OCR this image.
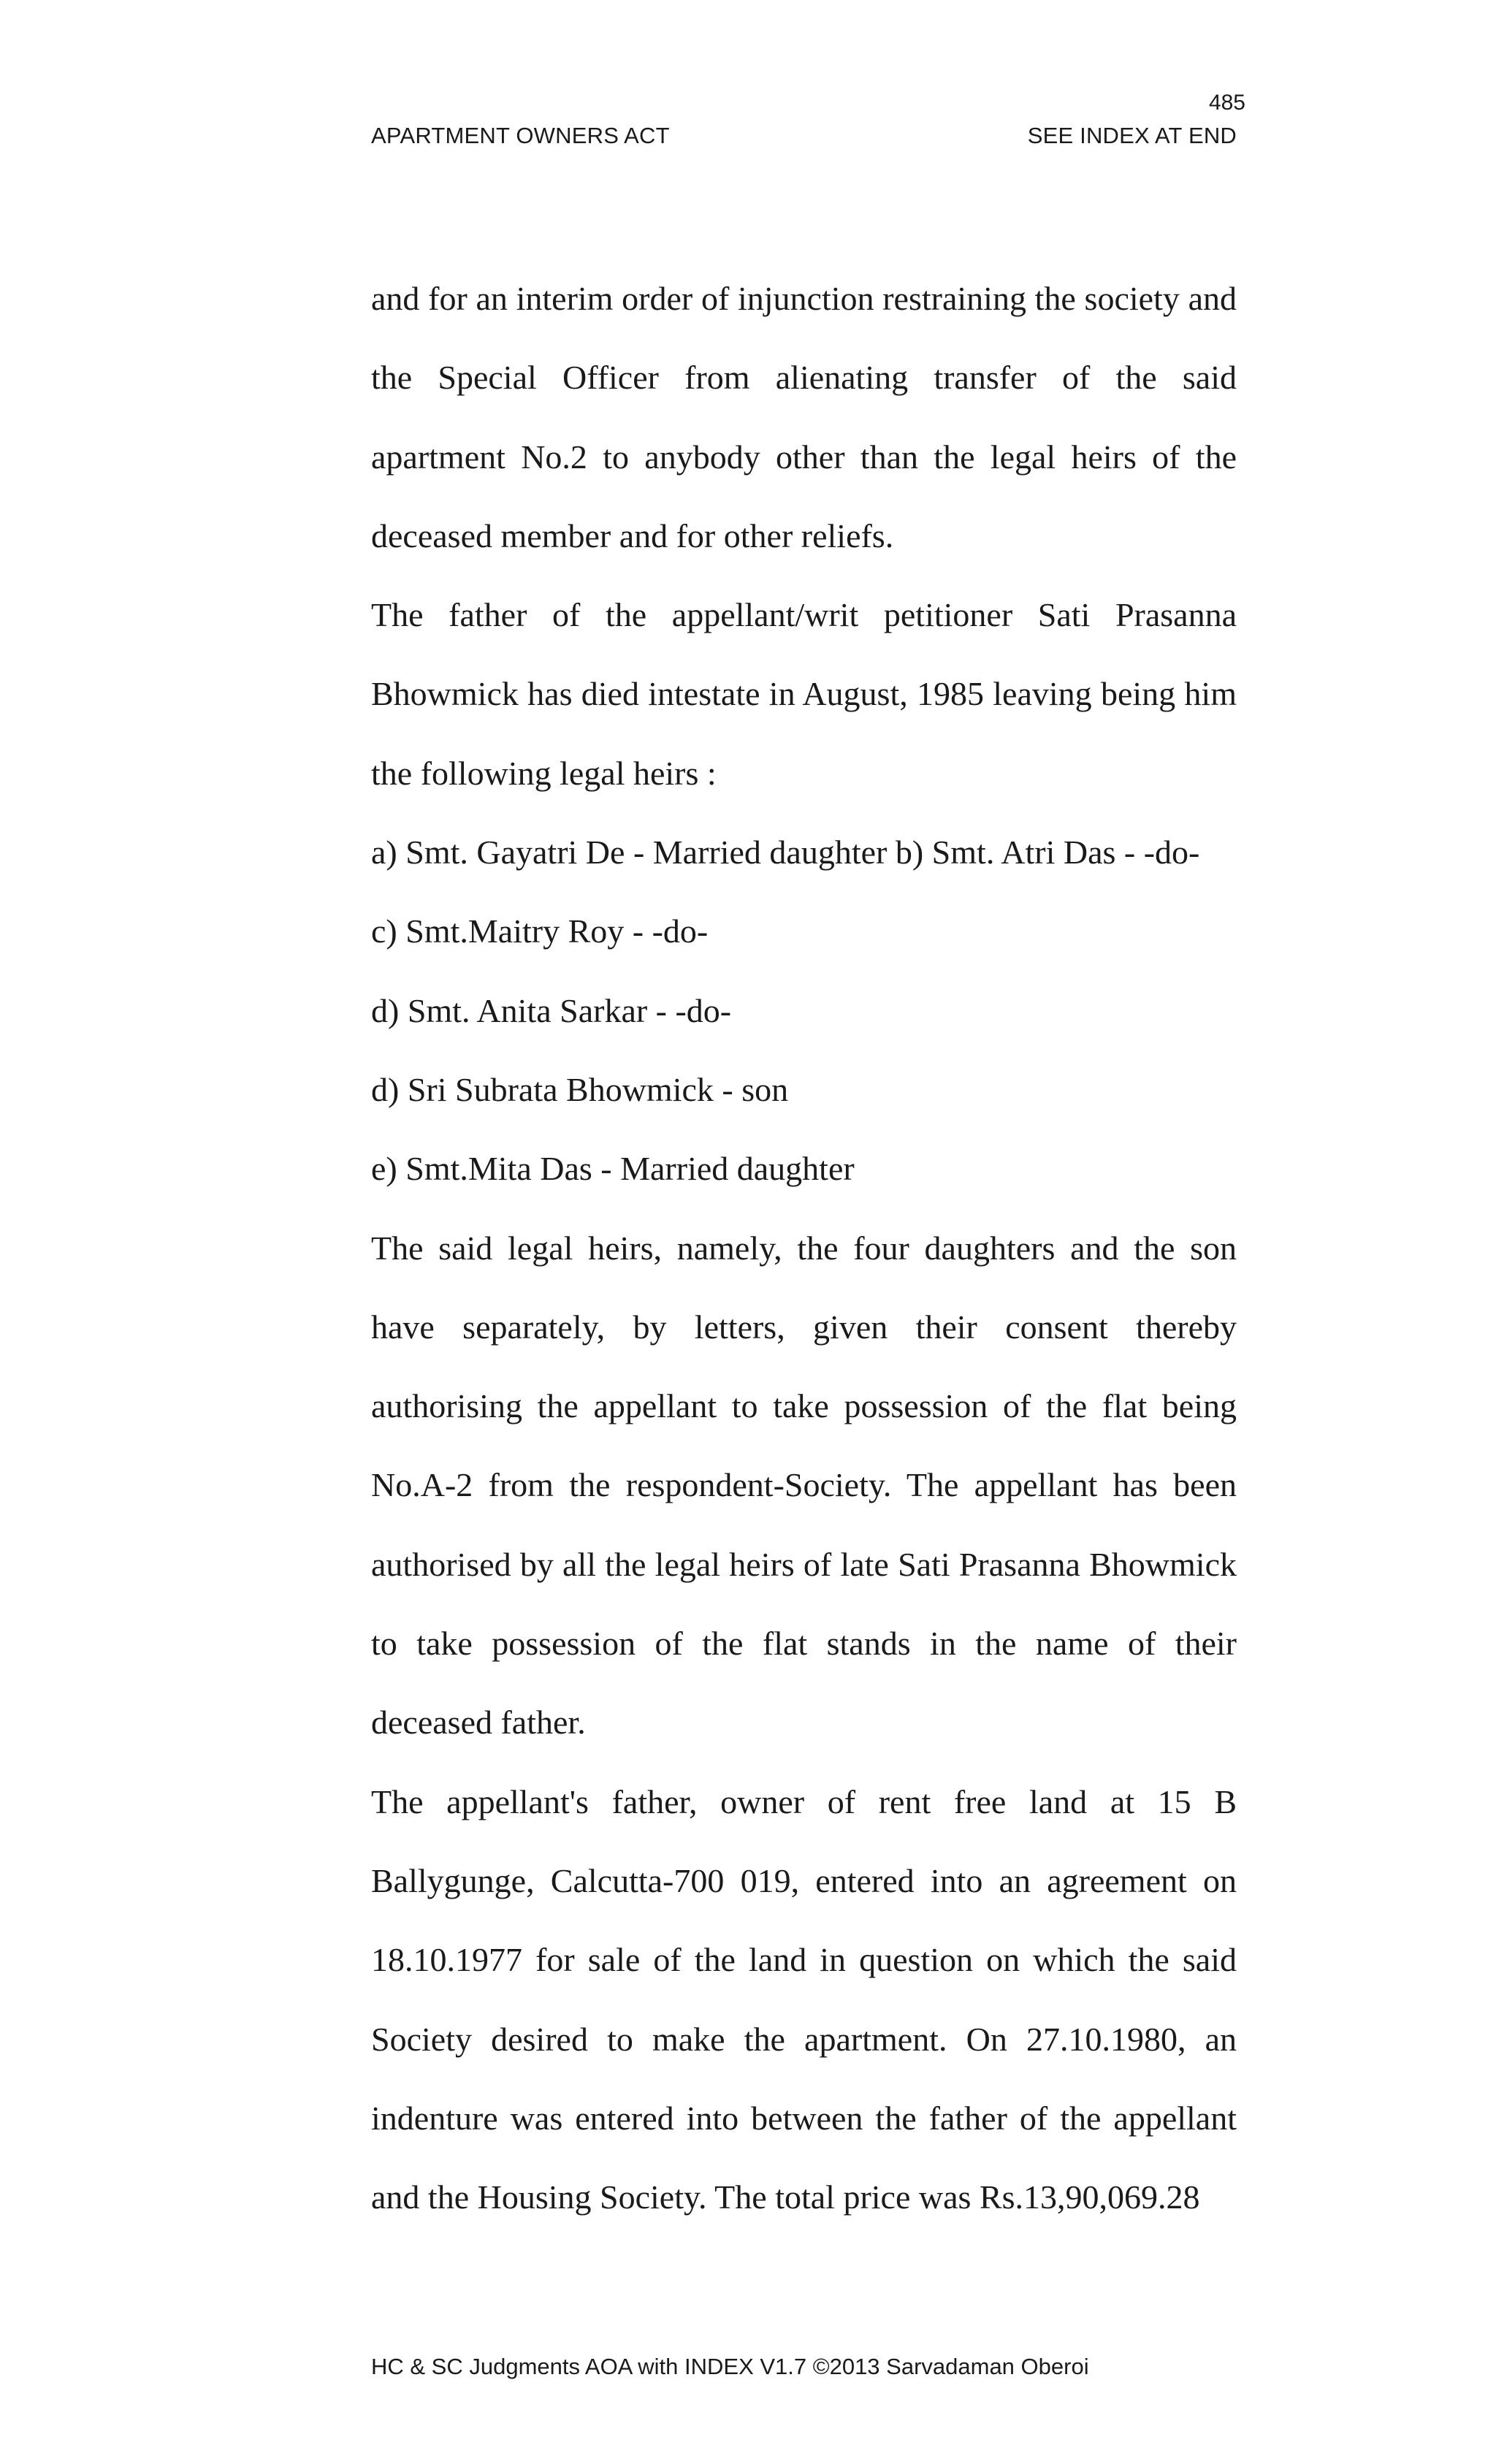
485
APARTMENT OWNERS ACT	SEE INDEX AT END

and for an interim order of injunction restraining the society and the Special Officer from alienating transfer of the said apartment No.2 to anybody other than the legal heirs of the deceased member and for other reliefs.

The father of the appellant/writ petitioner Sati Prasanna Bhowmick has died intestate in August, 1985 leaving being him the following legal heirs :

a) Smt. Gayatri De - Married daughter b) Smt. Atri Das - -do-

c) Smt.Maitry Roy - -do-

d) Smt. Anita Sarkar - -do-

d) Sri Subrata Bhowmick - son

e) Smt.Mita Das - Married daughter

The said legal heirs, namely, the four daughters and the son have separately, by letters, given their consent thereby authorising the appellant to take possession of the flat being No.A-2 from the respondent-Society. The appellant has been authorised by all the legal heirs of late Sati Prasanna Bhowmick to take possession of the flat stands in the name of their deceased father.

The appellant's father, owner of rent free land at 15 B Ballygunge, Calcutta-700 019, entered into an agreement on 18.10.1977 for sale of the land in question on which the said Society desired to make the apartment. On 27.10.1980, an indenture was entered into between the father of the appellant and the Housing Society. The total price was Rs.13,90,069.28

HC & SC Judgments AOA with INDEX V1.7 ©2013 Sarvadaman Oberoi
